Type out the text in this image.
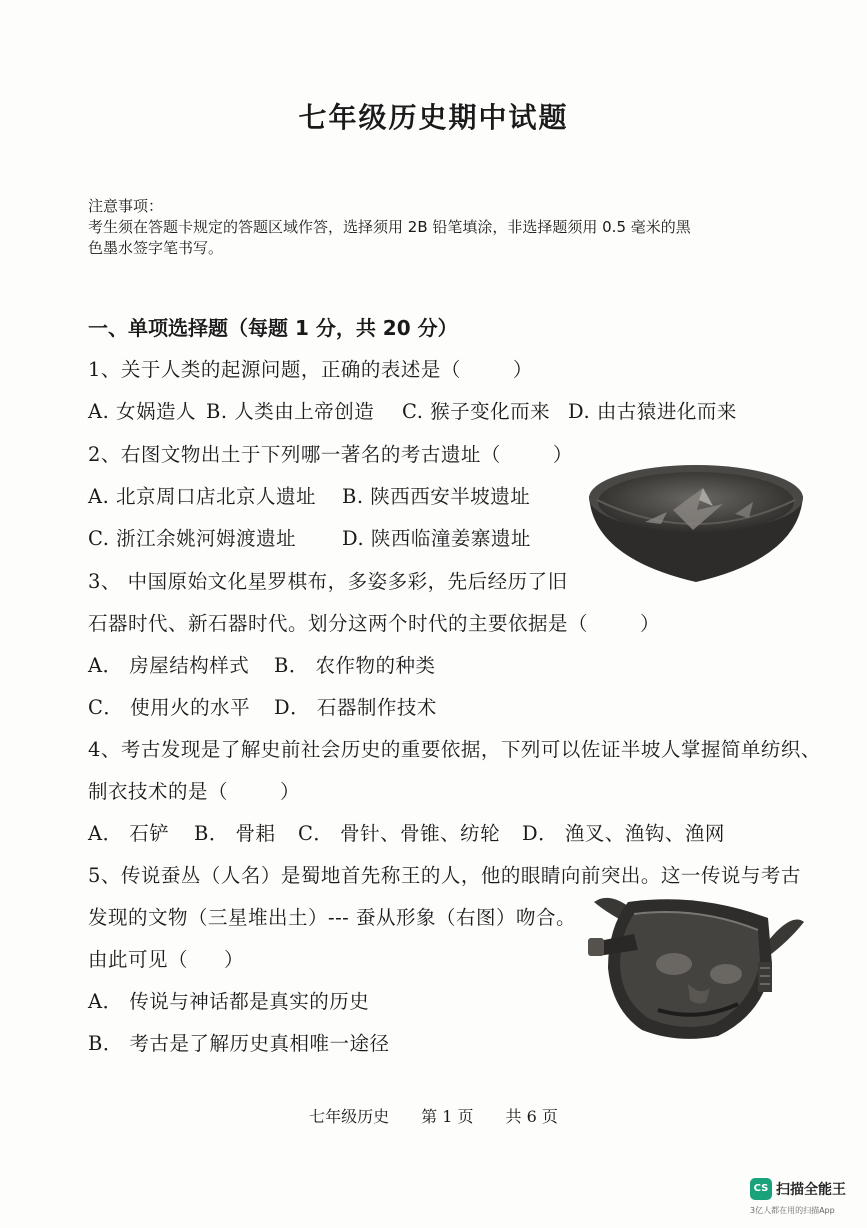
七年级历史期中试题
注意事项：
考生须在答题卡规定的答题区域作答，选择须用 2B 铅笔填涂，非选择题须用 0.5 毫米的黑
色墨水签字笔书写。
一、单项选择题（每题 1 分，共 20 分）
1、关于人类的起源问题，正确的表述是（	）
A. 女娲造人 B. 人类由上帝创造 C. 猴子变化而来 D. 由古猿进化而来
2、右图文物出土于下列哪一著名的考古遗址（	）
A. 北京周口店北京人遗址 B. 陕西西安半坡遗址
C. 浙江余姚河姆渡遗址 D. 陕西临潼姜寨遗址
3、 中国原始文化星罗棋布，多姿多彩，先后经历了旧
石器时代、新石器时代。划分这两个时代的主要依据是（	）
A． 房屋结构样式 B． 农作物的种类
C． 使用火的水平 D． 石器制作技术
4、考古发现是了解史前社会历史的重要依据，下列可以佐证半坡人掌握简单纺织、
制衣技术的是（	）
A． 石铲 B． 骨耜 C． 骨针、骨锥、纺轮 D． 渔叉、渔钩、渔网
5、传说蚕丛（人名）是蜀地首先称王的人，他的眼睛向前突出。这一传说与考古
发现的文物（三星堆出土）--- 蚕从形象（右图）吻合。
由此可见（ ）
A． 传说与神话都是真实的历史
B． 考古是了解历史真相唯一途径
七年级历史 第 1 页 共 6 页
CS 扫描全能王
3亿人都在用的扫描App
